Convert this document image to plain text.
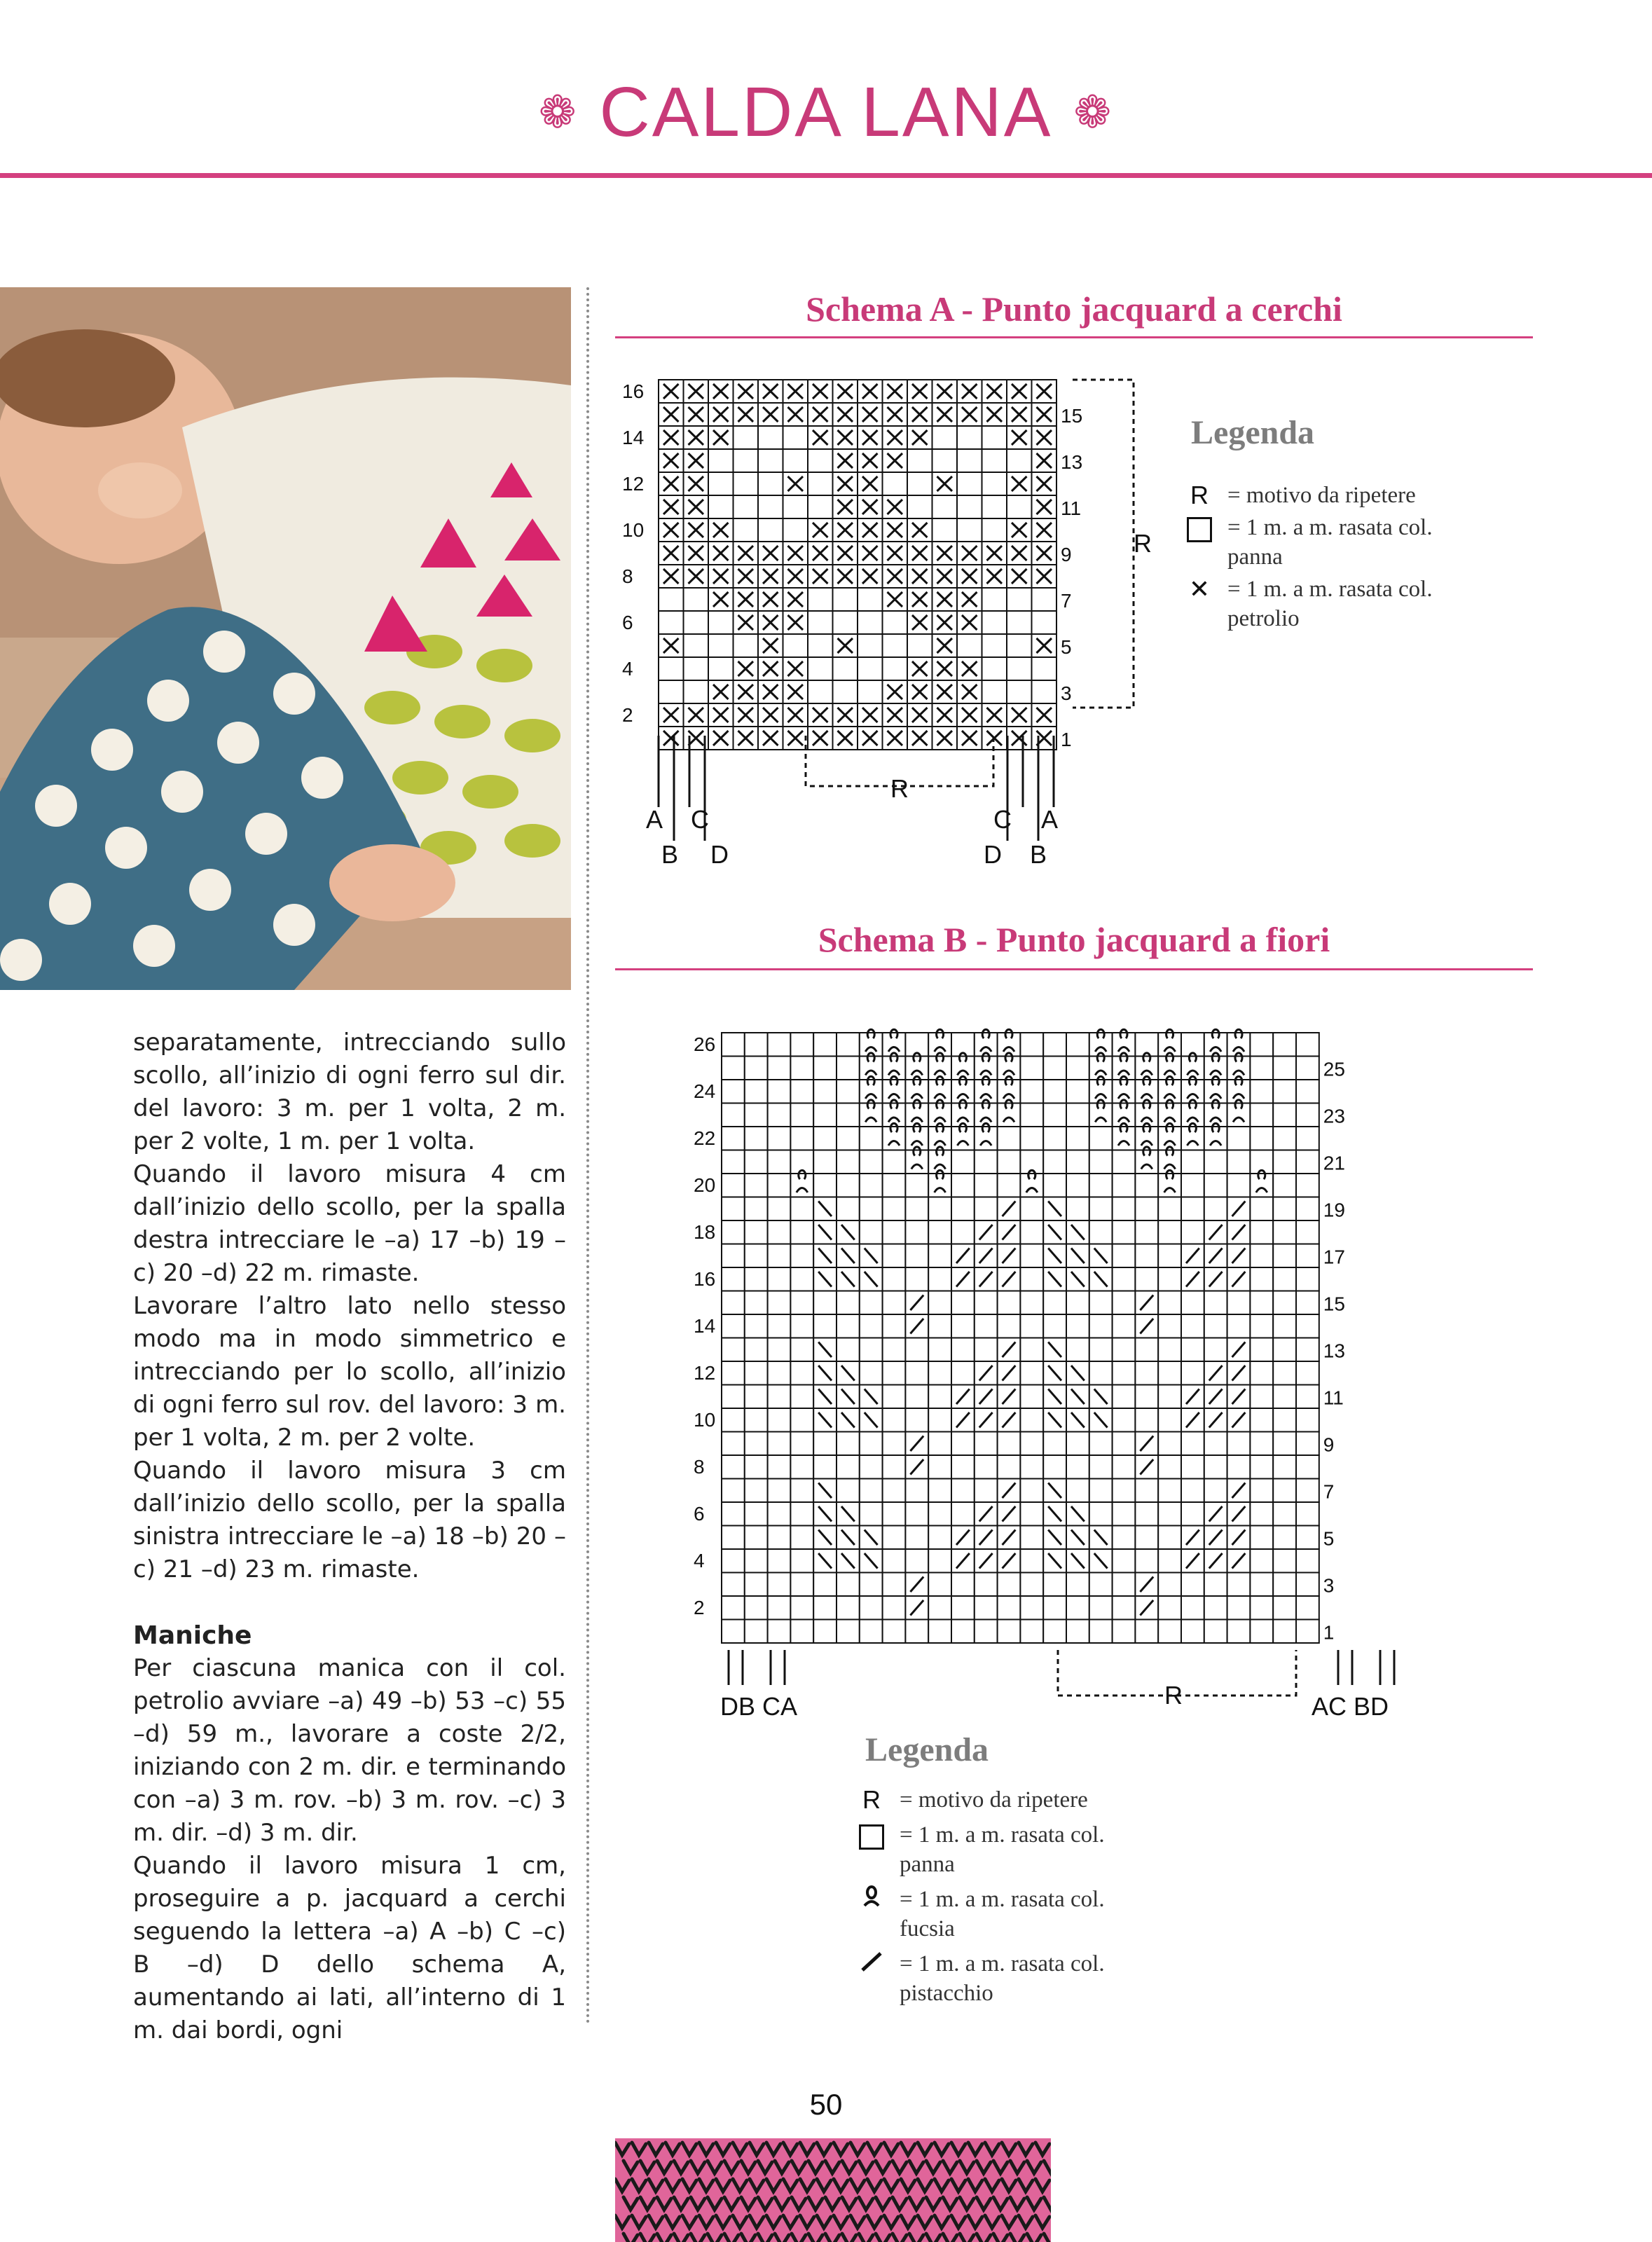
❁ CALDA LANA ❁
Schema A - Punto jacquard a cerchi
16
14
12
10
8
6
4
2
15
13
11
9
7
5
3
1
R
R
A C
B D
C A
D B
Legenda
R = motivo da ripetere
= 1 m. a m. rasata col.
panna
✕ = 1 m. a m. rasata col.
petrolio
Schema B - Punto jacquard a fiori
26
24
22
20
18
16
14
12
10
8
6
4
2
25
23
21
19
17
15
13
11
9
7
5
3
1
R
DB CA	AC BD
Legenda
R = motivo da ripetere
= 1 m. a m. rasata col.
panna
= 1 m. a m. rasata col.
fucsia
= 1 m. a m. rasata col.
pistacchio

separatamente, intrecciando sullo scollo, all’inizio di ogni ferro sul dir. del lavoro: 3 m. per 1 volta, 2 m. per 2 volte, 1 m. per 1 volta.

Quando il lavoro misura 4 cm dall’inizio dello scollo, per la spalla destra intrecciare le –a) 17 –b) 19 –c) 20 –d) 22 m. rimaste.

Lavorare l’altro lato nello stesso modo ma in modo simmetrico e intrecciando per lo scollo, all’inizio di ogni ferro sul rov. del lavoro: 3 m. per 1 volta, 2 m. per 2 volte.

Quando il lavoro misura 3 cm dall’inizio dello scollo, per la spalla sinistra intrecciare le –a) 18 –b) 20 –c) 21 –d) 23 m. rimaste.

Maniche

Per ciascuna manica con il col. petrolio avviare –a) 49 –b) 53 –c) 55 –d) 59 m., lavorare a coste 2/2, iniziando con 2 m. dir. e terminando con –a) 3 m. rov. –b) 3 m. rov. –c) 3 m. dir. –d) 3 m. dir.

Quando il lavoro misura 1 cm, proseguire a p. jacquard a cerchi seguendo la lettera –a) A –b) C –c) B –d) D dello schema A, aumentando ai lati, all’interno di 1 m. dai bordi, ogni

50
